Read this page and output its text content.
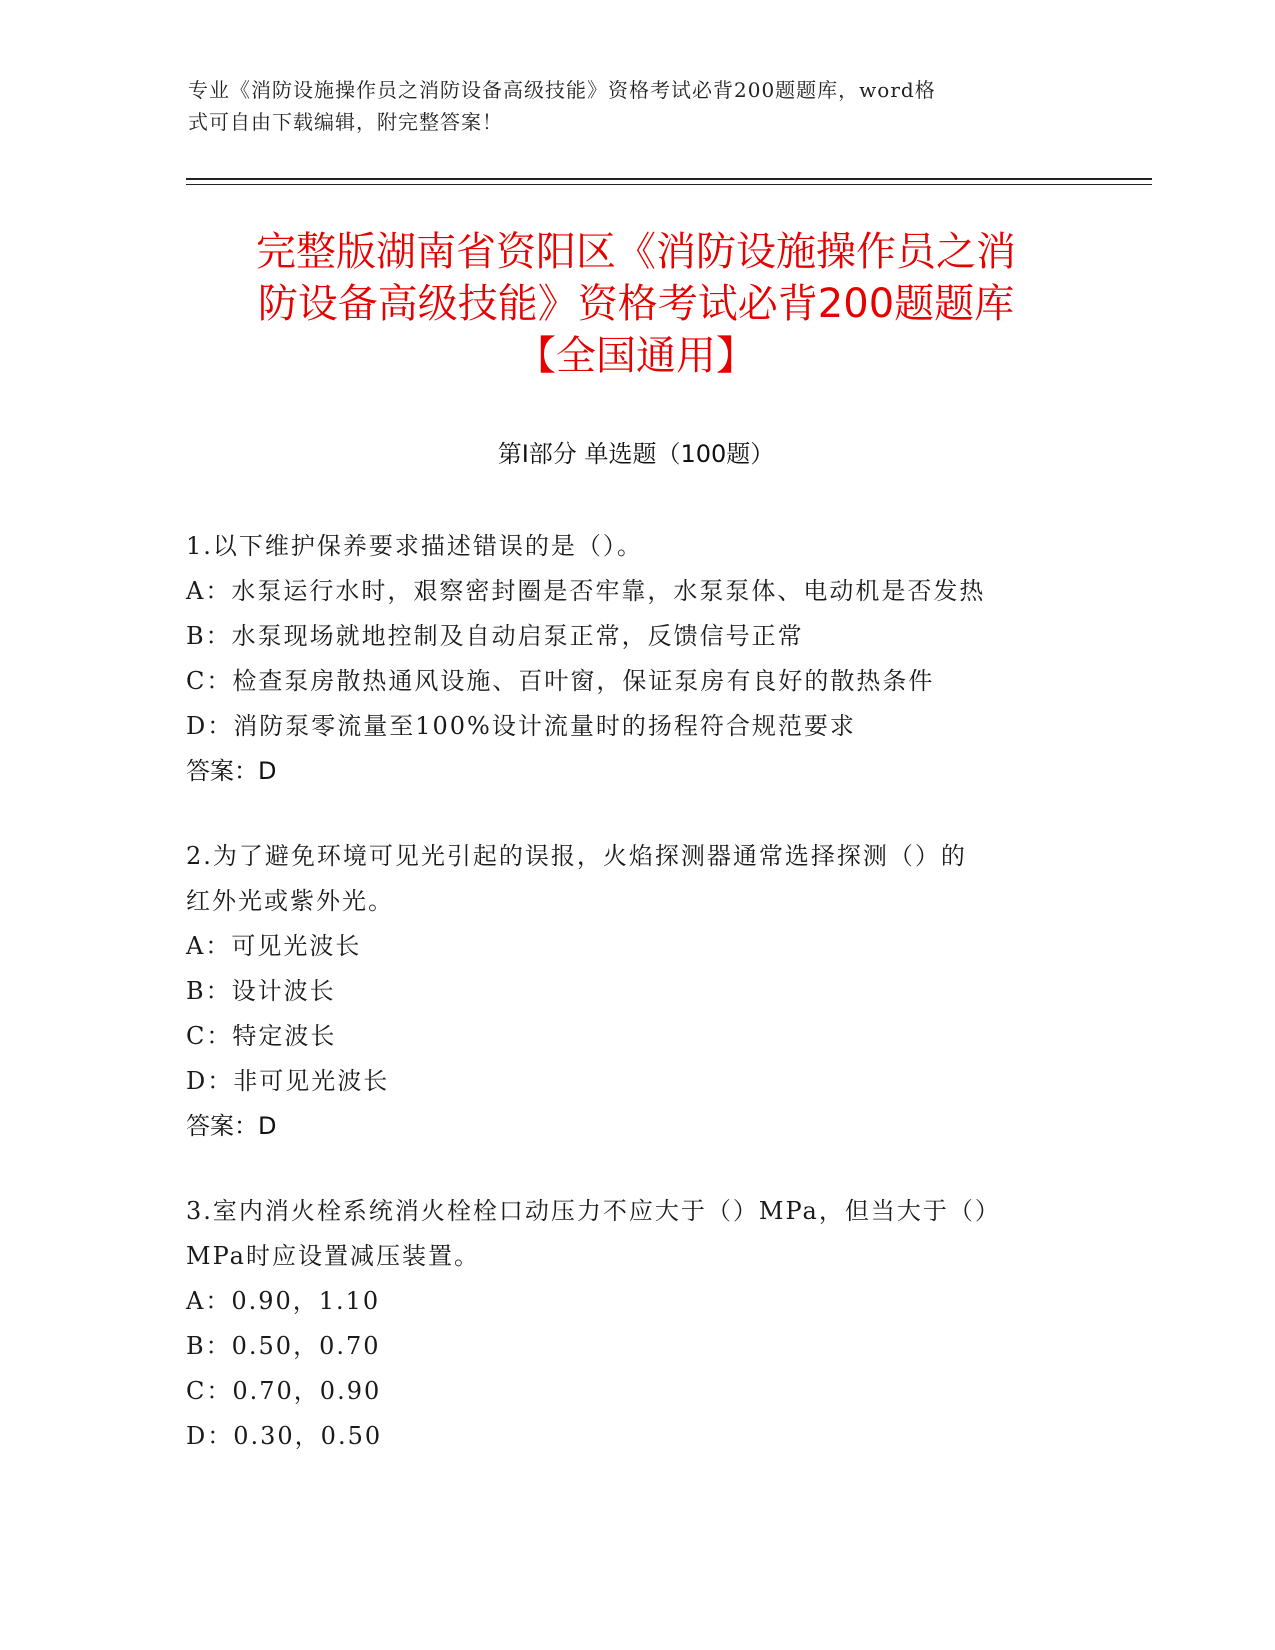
专业《消防设施操作员之消防设备高级技能》资格考试必背200题题库，word格
式可自由下载编辑，附完整答案！
完整版湖南省资阳区《消防设施操作员之消
防设备高级技能》资格考试必背200题题库
【全国通用】
第I部分 单选题（100题）
1.以下维护保养要求描述错误的是（）。
A：水泵运行水时，艰察密封圈是否牢靠，水泵泵体、电动机是否发热
B：水泵现场就地控制及自动启泵正常，反馈信号正常
C：检查泵房散热通风设施、百叶窗，保证泵房有良好的散热条件
D：消防泵零流量至100%设计流量时的扬程符合规范要求
答案：D
2.为了避免环境可见光引起的误报，火焰探测器通常选择探测（）的
红外光或紫外光。
A：可见光波长
B：设计波长
C：特定波长
D：非可见光波长
答案：D
3.室内消火栓系统消火栓栓口动压力不应大于（）MPa，但当大于（）
MPa时应设置减压装置。
A：0.90，1.10
B：0.50，0.70
C：0.70，0.90
D：0.30，0.50
